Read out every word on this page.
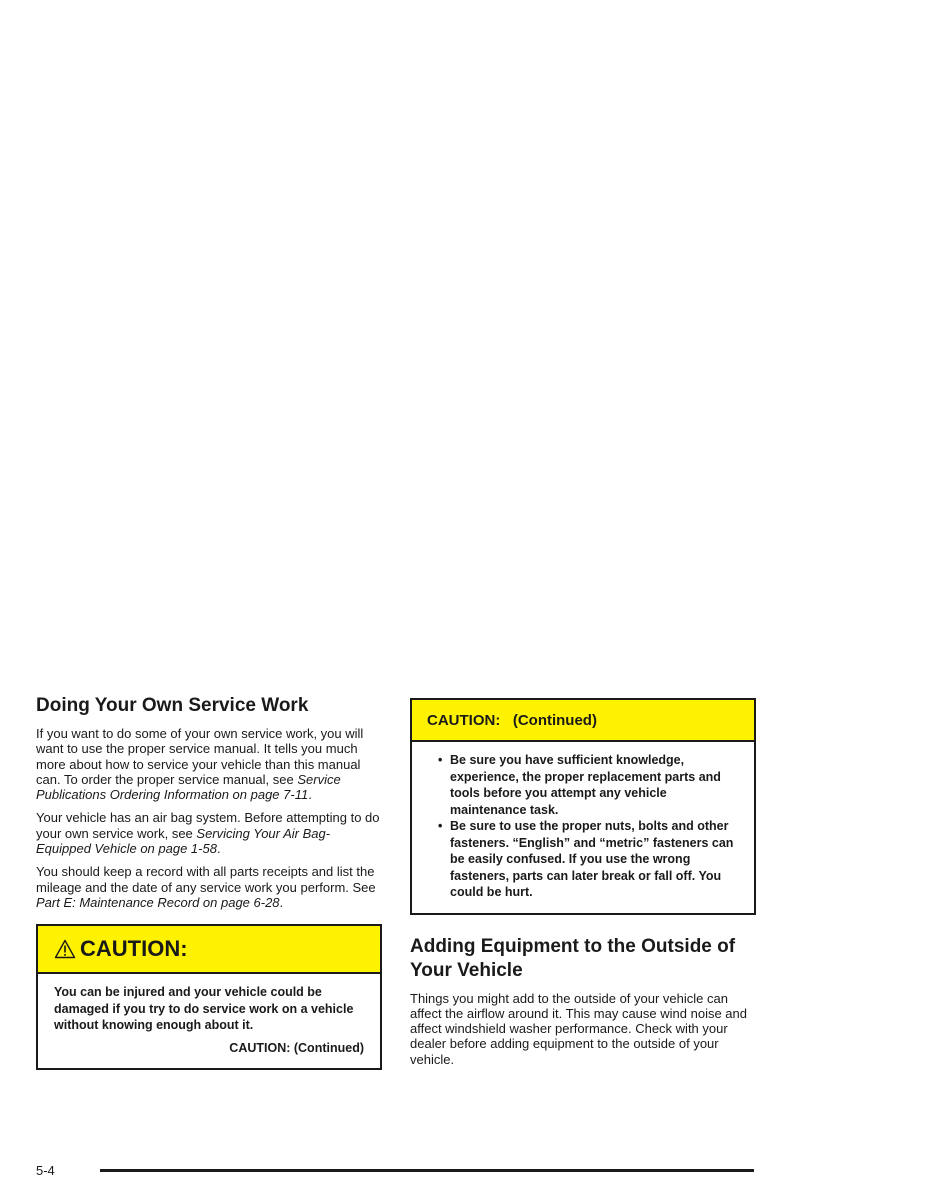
Doing Your Own Service Work

If you want to do some of your own service work, you will want to use the proper service manual. It tells you much more about how to service your vehicle than this manual can. To order the proper service manual, see Service Publications Ordering Information on page 7-11.

Your vehicle has an air bag system. Before attempting to do your own service work, see Servicing Your Air Bag-Equipped Vehicle on page 1-58.

You should keep a record with all parts receipts and list the mileage and the date of any service work you perform. See Part E: Maintenance Record on page 6-28.

CAUTION:
You can be injured and your vehicle could be damaged if you try to do service work on a vehicle without knowing enough about it.
CAUTION: (Continued)
CAUTION:   (Continued)
• Be sure you have sufficient knowledge, experience, the proper replacement parts and tools before you attempt any vehicle maintenance task.
• Be sure to use the proper nuts, bolts and other fasteners. “English” and “metric” fasteners can be easily confused. If you use the wrong fasteners, parts can later break or fall off. You could be hurt.
Adding Equipment to the Outside of Your Vehicle

Things you might add to the outside of your vehicle can affect the airflow around it. This may cause wind noise and affect windshield washer performance. Check with your dealer before adding equipment to the outside of your vehicle.

5-4
